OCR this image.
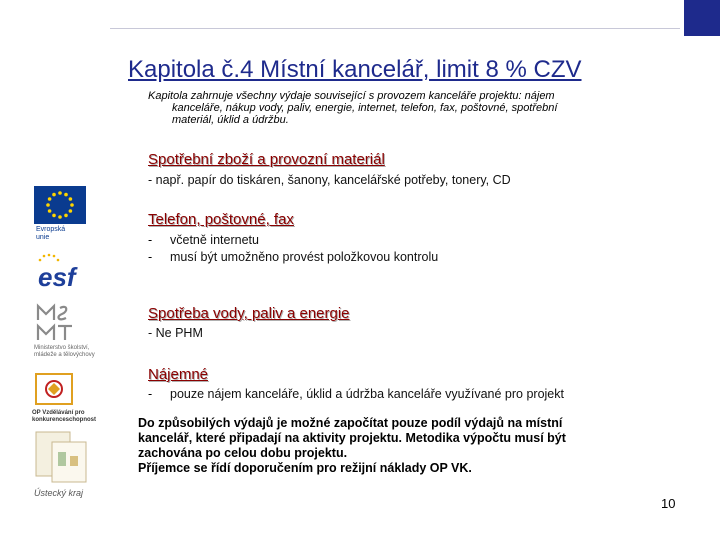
Kapitola č.4 Místní kancelář, limit 8 % CZV
Kapitola zahrnuje všechny výdaje související s provozem kanceláře projektu: nájem
kanceláře, nákup vody, paliv, energie, internet, telefon, fax, poštovné, spotřební
materiál, úklid a údržbu.
Spotřební zboží a provozní materiál
- např. papír do tiskáren, šanony, kancelářské potřeby, tonery, CD
Telefon, poštovné, fax
- včetně internetu
- musí být umožněno provést položkovou kontrolu
Spotřeba vody, paliv a energie
- Ne PHM
Nájemné
- pouze nájem kanceláře, úklid a údržba kanceláře využívané pro projekt
Do způsobilých výdajů je možné započítat pouze podíl výdajů na místní
kancelář, které připadají na aktivity projektu. Metodika výpočtu musí být
zachována po celou dobu projektu.
Příjemce se řídí doporučením pro režijní náklady OP VK.
10
Evropská
unie
esf
Ministerstvo školství, mládeže a tělovýchovy
OP Vzdělávání pro konkurenceschopnost
Ústecký kraj
